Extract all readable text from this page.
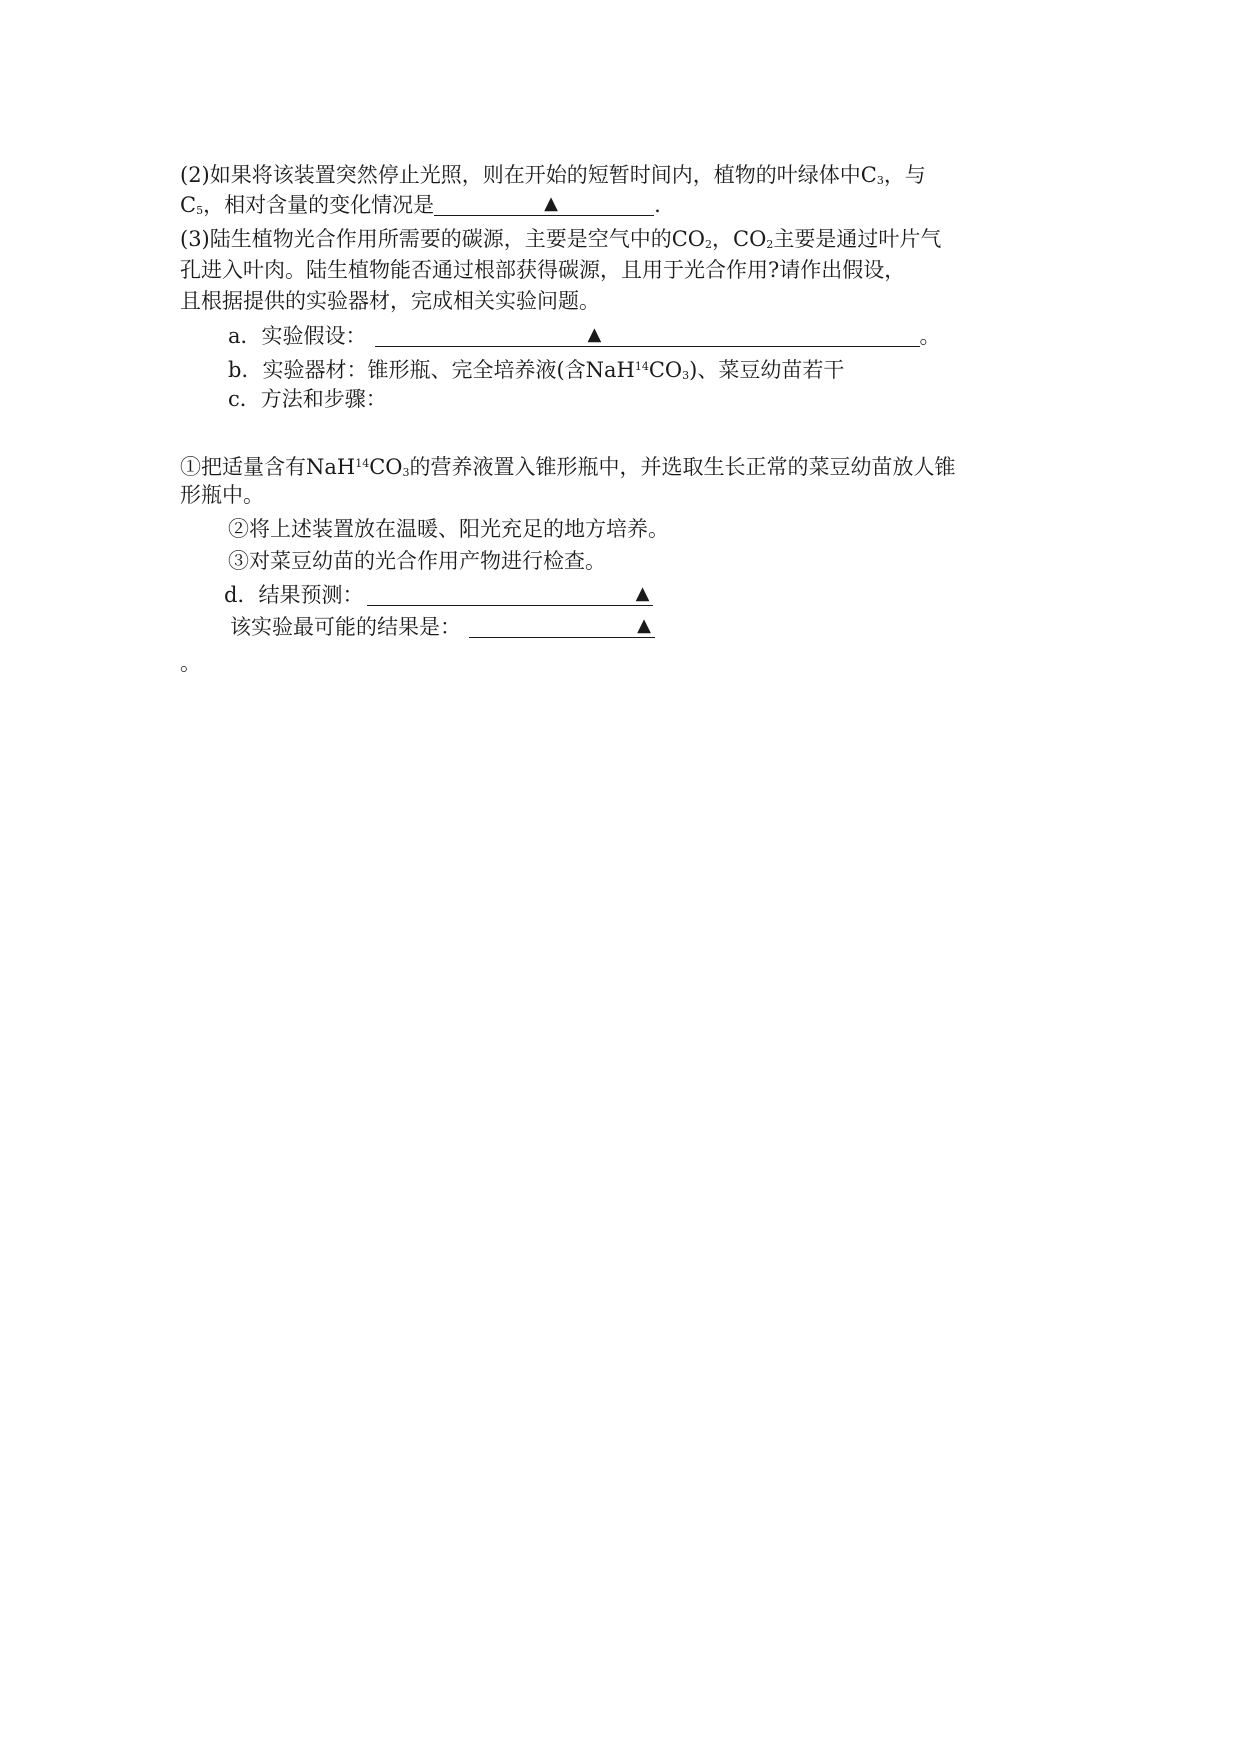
(2)如果将该装置突然停止光照，则在开始的短暂时间内，植物的叶绿体中C3，与
C5，相对含量的变化情况是	▲	.
(3)陆生植物光合作用所需要的碳源，主要是空气中的CO2，CO2主要是通过叶片气
孔进入叶肉。陆生植物能否通过根部获得碳源，且用于光合作用?请作出假设，
且根据提供的实验器材，完成相关实验问题。
a．实验假设：	▲	。
b．实验器材：锥形瓶、完全培养液(含NaH$^{14}$CO3)、菜豆幼苗若干
c．方法和步骤：
①把适量含有NaH$^{14}$CO3的营养液置入锥形瓶中，并选取生长正常的菜豆幼苗放人锥
形瓶中。
②将上述装置放在温暖、阳光充足的地方培养。
③对菜豆幼苗的光合作用产物进行检查。
d．结果预测：	▲
该实验最可能的结果是：	▲
。
